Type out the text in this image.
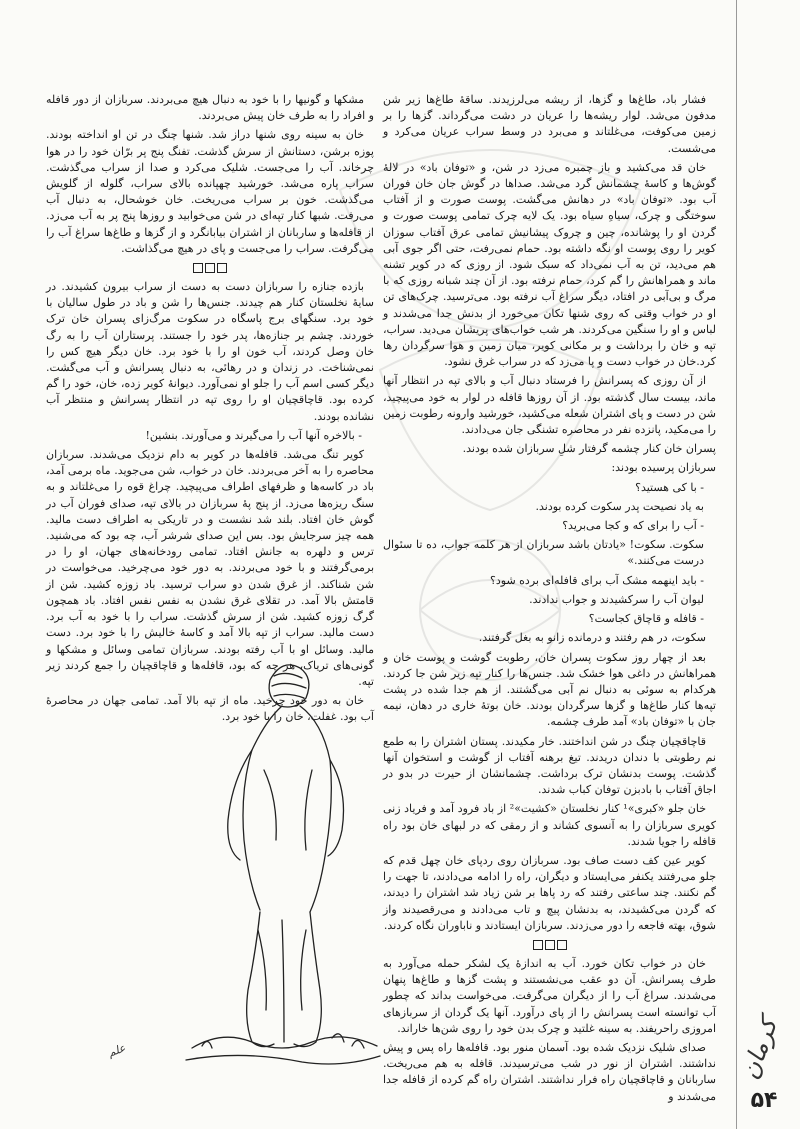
فشار باد، طاغ‌ها و گزها، از ریشه می‌لرزیدند. ساقهٔ طاغ‌ها زیر شن مدفون می‌شد. لوار ریشه‌ها را عریان در دشت می‌گرداند. گزها را بر زمین می‌کوفت، می‌غلتاند و می‌برد در وسط سراب عریان می‌کرد و می‌شست.

خان قد می‌کشید و باز چمبره می‌زد در شن، و «توفان باد» در لاله‌ٔ گوش‌ها و کاسهٔ چشمانش گرد می‌شد. صداها در گوش جان خان فوران آب بود. «توفان باد» در دهانش می‌گشت. پوست صورت و از آفتاب سوختگی و چرک، سیاهِ سیاه بود. یک لایه چرک تمامی پوست صورت و گردن او را پوشانده، چین و چروک پیشانیش تمامی عرق آفتاب سوزان کویر را روی پوست او نگه داشته بود. حمام نمی‌رفت، حتی اگر جوی آبی هم می‌دید، تن به آب نمی‌داد که سبک شود. از روزی که در کویر تشنه ماند و همراهانش را گم کرد، حمام نرفته بود. از آن چند شبانه روزی که با مرگ و بی‌آبی در افتاد، دیگر سراغ آب نرفته بود. می‌ترسید. چرک‌های تن او در خواب وقتی که روی شنها تکان می‌خورد از بدنش جدا می‌شدند و لباس و او را سنگین می‌کردند. هر شب خواب‌های پریشان می‌دید. سراب، تپه و خان را برداشت و بر مکانی کویر، میان زمین و هوا سرگردان رها کرد.خان در خواب دست و پا می‌زد که در سراب غرق نشود.

از آن روزی که پسرانش را فرستاد دنبال آب و بالای تپه در انتظار آنها ماند، بیست سال گذشته بود. از آن روزها قافله در لوار به خود می‌پیچید، شن در دست و پای اشتران شعله می‌کشید، خورشید وارونه رطوبت زمین را می‌مکید، پانزده نفر در محاصره تشنگی جان می‌دادند.

پسران خان کنار چشمه گرفتار شلِ سربازان شده بودند.

سربازان پرسیده بودند:

- با کی هستید؟

به یاد نصیحت پدر سکوت کرده بودند.

- آب را برای که و کجا می‌برید؟

سکوت. سکوت! «یادتان باشد سربازان از هر کلمه جواب، ده تا سئوال درست می‌کنند.»

- باید اینهمه مشک آب برای قافله‌ای برده شود؟

لیوان آب را سرکشیدند و جواب ندادند.

- قافله و قاچاق کجاست؟

سکوت، در هم رفتند و درمانده زانو به بغل گرفتند.

بعد از چهار روز سکوت پسران خان، رطوبت گوشت و پوست خان و همراهانش در داغی هوا خشک شد. جنس‌ها را کنار تپه زیر شن جا کردند. هرکدام به سوئی به دنبال نم آبی می‌گشتند. از هم جدا شده در پشت تپه‌ها کنار طاغ‌ها و گزها سرگردان بودند. خان بوتهٔ خاری در دهان، نیمه جان با «توفان باد» آمد طرف چشمه.

قاچاقچیان چنگ در شن انداختند. خار مکیدند. پستان اشتران را به طمع نم رطوبتی با دندان دریدند. تیغ برهنه آفتاب از گوشت و استخوان آنها گذشت. پوست بدنشان ترک برداشت. چشمانشان از حیرت در بدو در اجاق آفتاب با بادبزن توفان کباب شدند.

خان جلو «کبری»¹ کنار نخلستان «کشیت»² از باد فرود آمد و فریاد زنی کویری سربازان را به آنسوی کشاند و از رمقی که در لبهای خان بود راه قافله را جویا شدند.

کویر عین کف دست صاف بود. سربازان روی ردپای خان چهل قدم که جلو می‌رفتند یکنفر می‌ایستاد و دیگران، راه را ادامه می‌دادند، تا جهت را گم نکنند. چند ساعتی رفتند که رد پاها بر شن زیاد شد اشتران را دیدند، که گردن می‌کشیدند، به بدنشان پیچ و تاب می‌دادند و می‌رقصیدند واز شوق، بهته فاجعه را دور می‌زدند. سربازان ایستادند و ناباوران نگاه کردند.

خان در خواب تکان خورد. آب به اندازهٔ یک لشکر حمله می‌آورد به طرف پسرانش. آن دو عقب می‌نشستند و پشت گزها و طاغ‌ها پنهان می‌شدند. سراغ آب را از دیگران می‌گرفت. می‌خواست بداند که چطور آب توانسته است پسرانش را از پای درآورد. آنها یک گردان از سربازهای امروزی راحریفند. به سینه غلتید و چرک بدن خود را روی شن‌ها خاراند.

صدای شلیک نزدیک شده بود. آسمان منور بود. قافله‌ها راه پس و پیش نداشتند. اشتران از نور در شب می‌ترسیدند. قافله به هم می‌ریخت. ساربانان و قاچاقچیان راه فرار نداشتند. اشتران راه گم کرده از قافله جدا می‌شدند و

مشکها و گونیها را با خود به دنبال هیچ می‌بردند. سربازان از دور قافله و افراد را به طرف خان پیش می‌بردند.

خان به سینه روی شنها دراز شد. شنها چنگ در تن او انداخته بودند. پوزه برشن، دستانش از سرش گذشت. تفنگ پنج پر برّان خود را در هوا چرخاند. آب را می‌جست. شلیک می‌کرد و صدا از سراب می‌گذشت. سراب پاره می‌شد. خورشید چهپانده بالای سراب، گلوله از گلویش می‌گذشت. خون بر سراب می‌ریخت. خان خوشحال، به دنبال آب می‌رفت. شبها کنار تپه‌ای در شن می‌خوابید و روزها پنج پر به آب می‌زد. از قافله‌ها و ساربانان از اشتران بیابانگرد و از گزها و طاغ‌ها سراغ آب را می‌گرفت. سراب را می‌جست و پای در هیچ می‌گذاشت.

بازده جنازه را سربازان دست به دست از سراب بیرون کشیدند. در سایهٔ نخلستان کنار هم چیدند. جنس‌ها را شن و باد در طول سالیان با خود برد. سنگهای برج پاسگاه در سکوت مرگ‌زای پسران خان ترک خوردند. چشم بر جنازه‌ها، پدر خود را جستند. پرستاران آب را به رگ خان وصل کردند، آب خون او را با خود برد. خان دیگر هیچ کس را نمی‌شناخت. در زندان و در رهائی، به دنبال پسرانش و آب می‌گشت. دیگر کسی اسم آب را جلو او نمی‌آورد. دیوانهٔ کویر زده، خان، خود را گم کرده بود. قاچاقچیان او را روی تپه در انتظار پسرانش و منتظر آب نشانده بودند.

- بالاخره آنها آب را می‌گیرند و می‌آورند. بنشین!

کویر تنگ می‌شد. قافله‌ها در کویر به دام نزدیک می‌شدند. سربازان محاصره را به آخر می‌بردند. خان در خواب، شن می‌جوید. ماه برمی آمد، باد در کاسه‌ها و ظرفهای اطراف می‌پیچید. چراغ قوه را می‌غلتاند و به سنگ ریزه‌ها می‌زد. از پنج پهٔ سربازان در بالای تپه، صدای فوران آب در گوش خان افتاد. بلند شد نشست و در تاریکی به اطراف دست مالید. همه چیز سرجایش بود. بس این صدای شرشر آب، چه بود که می‌شنید. ترس و دلهره به جانش افتاد. تمامی رودخانه‌های جهان، او را در برمی‌گرفتند و با خود می‌بردند. به دور خود می‌چرخید. می‌خواست در شن شناکند. از غرق شدن دو سراب ترسید. باد زوزه کشید. شن از قامتش بالا آمد. در تقلای غرق نشدن به نفس نفس افتاد. باد همچون گرگ زوزه کشید. شن از سرش گذشت. سراب را با خود به آب برد. دست مالید. سراب از تپه بالا آمد و کاسهٔ خالیش را با خود برد. دست مالید. وسائل او با آب رفته بودند. سربازان تمامی وسائل و مشکها و گونی‌های تریاک، هر چه که بود، قافله‌ها و قاچاقچیان را جمع کردند زیر تپه.

خان به دور خود چرخید. ماه از تپه بالا آمد. تمامی جهان در محاصرهٔ آب بود. غفلت، خان را با خود برد.

علم	کرمان
۵۴
